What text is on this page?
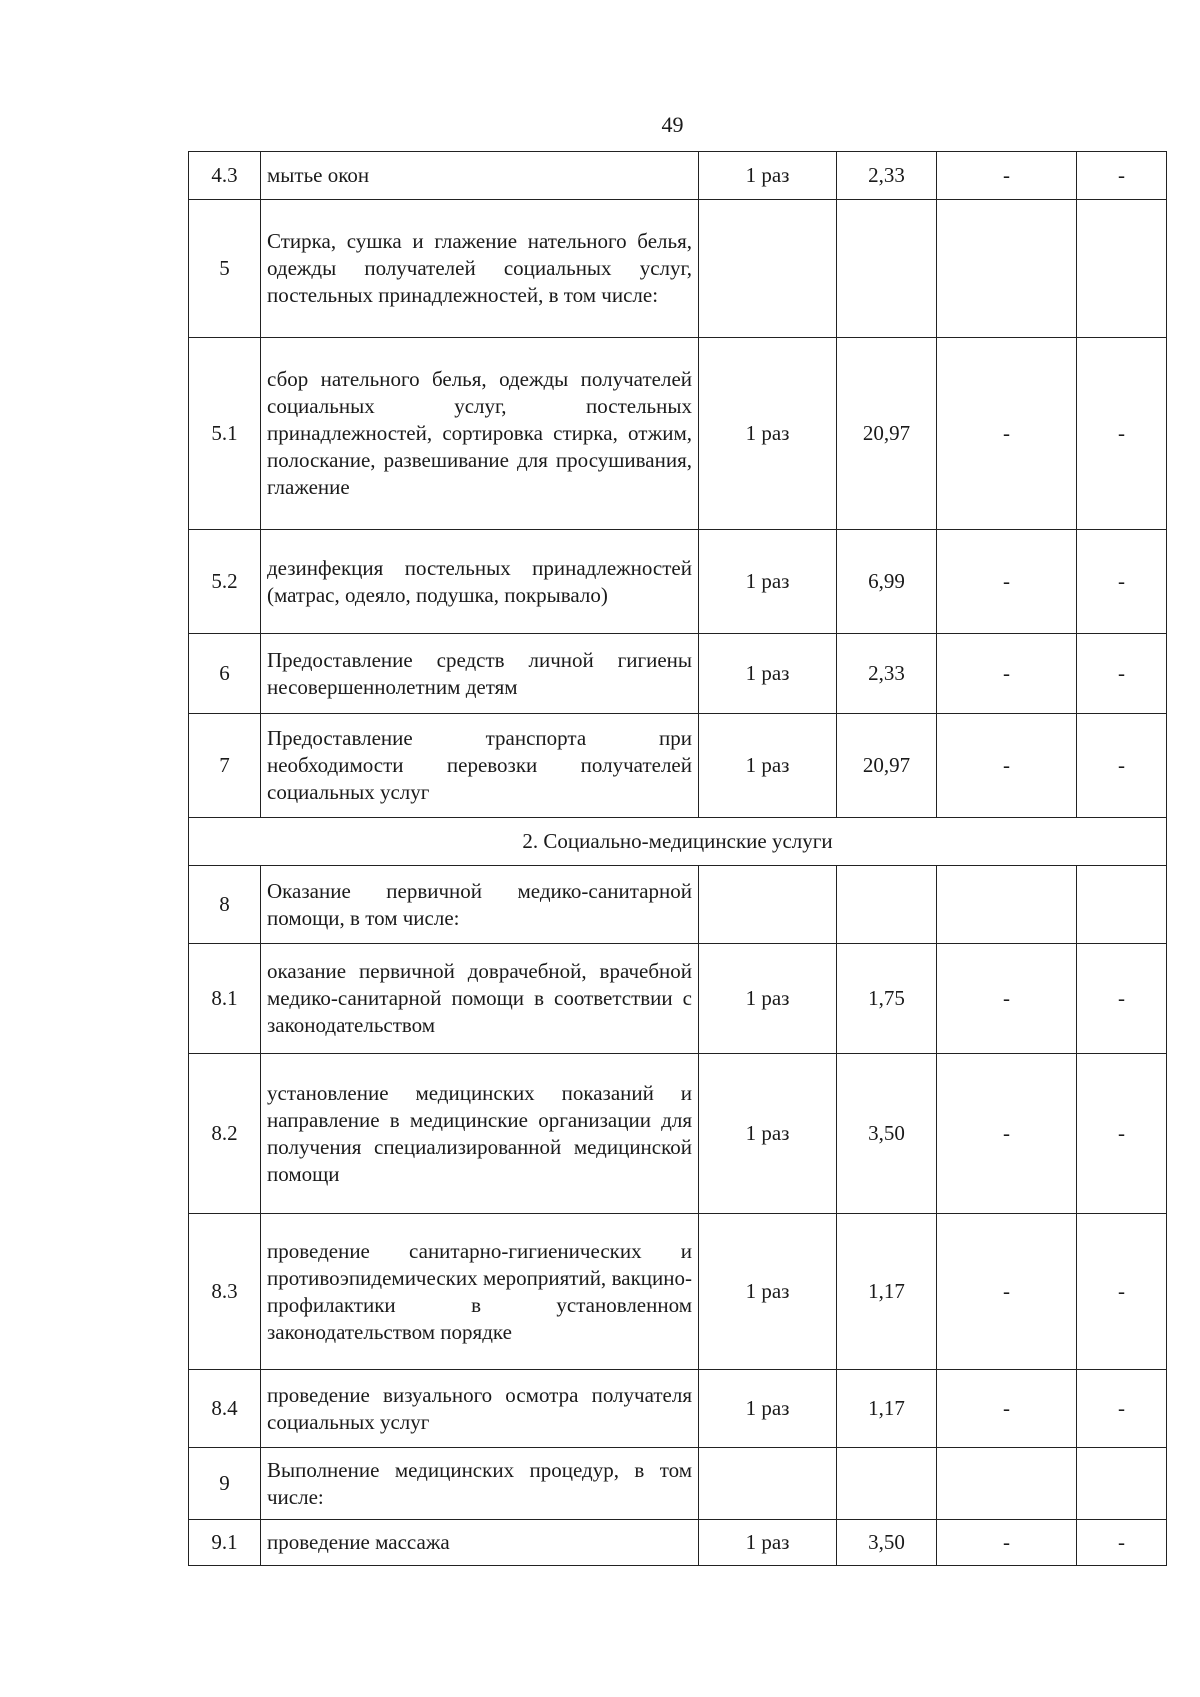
49
4.3	мытье окон	1 раз	2,33	-	-
5	Стирка, сушка и глажение нательного белья, одежды получателей социальных услуг, постельных принадлежностей, в том числе:				
5.1	сбор нательного белья, одежды получателей социальных услуг, постельных принадлежностей, сортировка стирка, отжим, полоскание, развешивание для просушивания, глажение	1 раз	20,97	-	-
5.2	дезинфекция постельных принадлежностей (матрас, одеяло, подушка, покрывало)	1 раз	6,99	-	-
6	Предоставление средств личной гигиены несовершеннолетним детям	1 раз	2,33	-	-
7	Предоставление транспорта при необходимости перевозки получателей социальных услуг	1 раз	20,97	-	-
2. Социально-медицинские услуги					
8	Оказание первичной медико-санитарной помощи, в том числе:				
8.1	оказание первичной доврачебной, врачебной медико-санитарной помощи в соответствии с законодательством	1 раз	1,75	-	-
8.2	установление медицинских показаний и направление в медицинские организации для получения специализированной медицинской помощи	1 раз	3,50	-	-
8.3	проведение санитарно-гигиенических и противоэпидемических мероприятий, вакцино-профилактики в установленном законодательством порядке	1 раз	1,17	-	-
8.4	проведение визуального осмотра получателя социальных услуг	1 раз	1,17	-	-
9	Выполнение медицинских процедур, в том числе:				
9.1	проведение массажа	1 раз	3,50	-	-
